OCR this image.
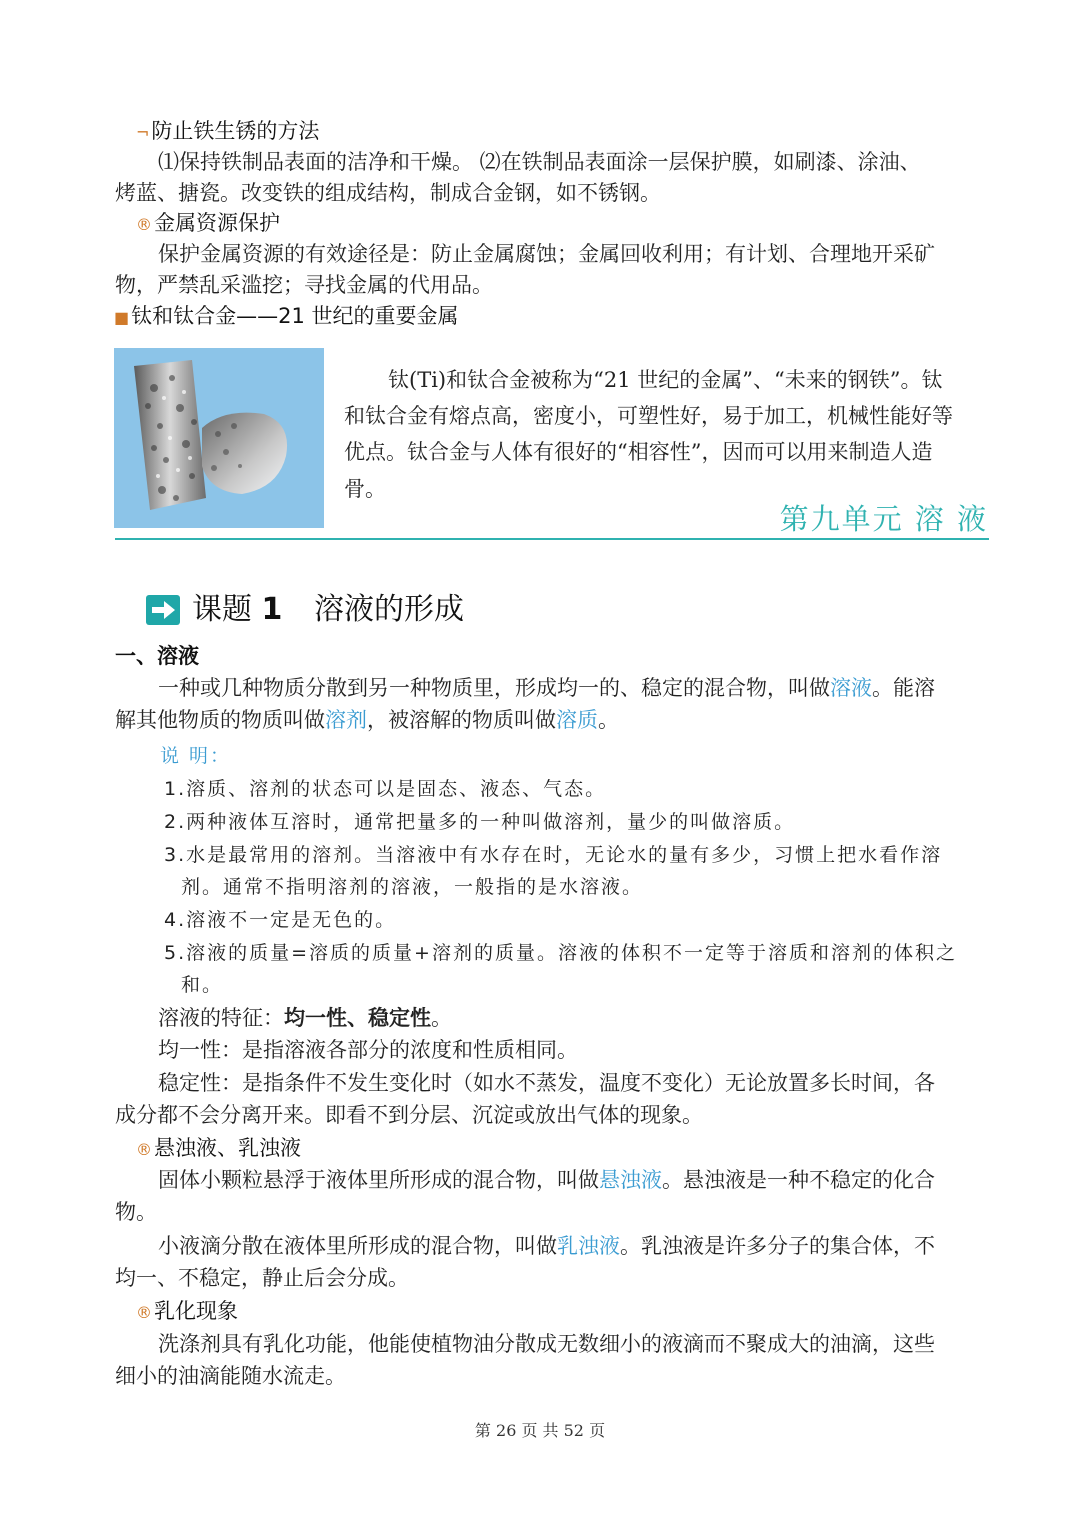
¬防止铁生锈的方法
⑴保持铁制品表面的洁净和干燥。 ⑵在铁制品表面涂一层保护膜，如刷漆、涂油、
烤蓝、搪瓷。改变铁的组成结构，制成合金钢，如不锈钢。
®金属资源保护
保护金属资源的有效途径是：防止金属腐蚀；金属回收利用；有计划、合理地开采矿
物，严禁乱采滥挖；寻找金属的代用品。
■钛和钛合金——21 世纪的重要金属
钛(Ti)和钛合金被称为“21 世纪的金属”、“未来的钢铁”。钛
和钛合金有熔点高，密度小，可塑性好，易于加工，机械性能好等
优点。钛合金与人体有很好的“相容性”，因而可以用来制造人造
骨。
第九单元 溶 液
课题 1 溶液的形成
一、溶液
一种或几种物质分散到另一种物质里，形成均一的、稳定的混合物，叫做溶液。能溶
解其他物质的物质叫做溶剂，被溶解的物质叫做溶质。
说 明：
1.溶质、溶剂的状态可以是固态、液态、气态。
2.两种液体互溶时，通常把量多的一种叫做溶剂，量少的叫做溶质。
3.水是最常用的溶剂。当溶液中有水存在时，无论水的量有多少，习惯上把水看作溶
剂。通常不指明溶剂的溶液，一般指的是水溶液。
4.溶液不一定是无色的。
5.溶液的质量=溶质的质量+溶剂的质量。溶液的体积不一定等于溶质和溶剂的体积之
和。
溶液的特征：均一性、稳定性。
均一性：是指溶液各部分的浓度和性质相同。
稳定性：是指条件不发生变化时（如水不蒸发，温度不变化）无论放置多长时间，各
成分都不会分离开来。即看不到分层、沉淀或放出气体的现象。
®悬浊液、乳浊液
固体小颗粒悬浮于液体里所形成的混合物，叫做悬浊液。悬浊液是一种不稳定的化合
物。
小液滴分散在液体里所形成的混合物，叫做乳浊液。乳浊液是许多分子的集合体，不
均一、不稳定，静止后会分成。
®乳化现象
洗涤剂具有乳化功能，他能使植物油分散成无数细小的液滴而不聚成大的油滴，这些
细小的油滴能随水流走。
第 26 页 共 52 页
